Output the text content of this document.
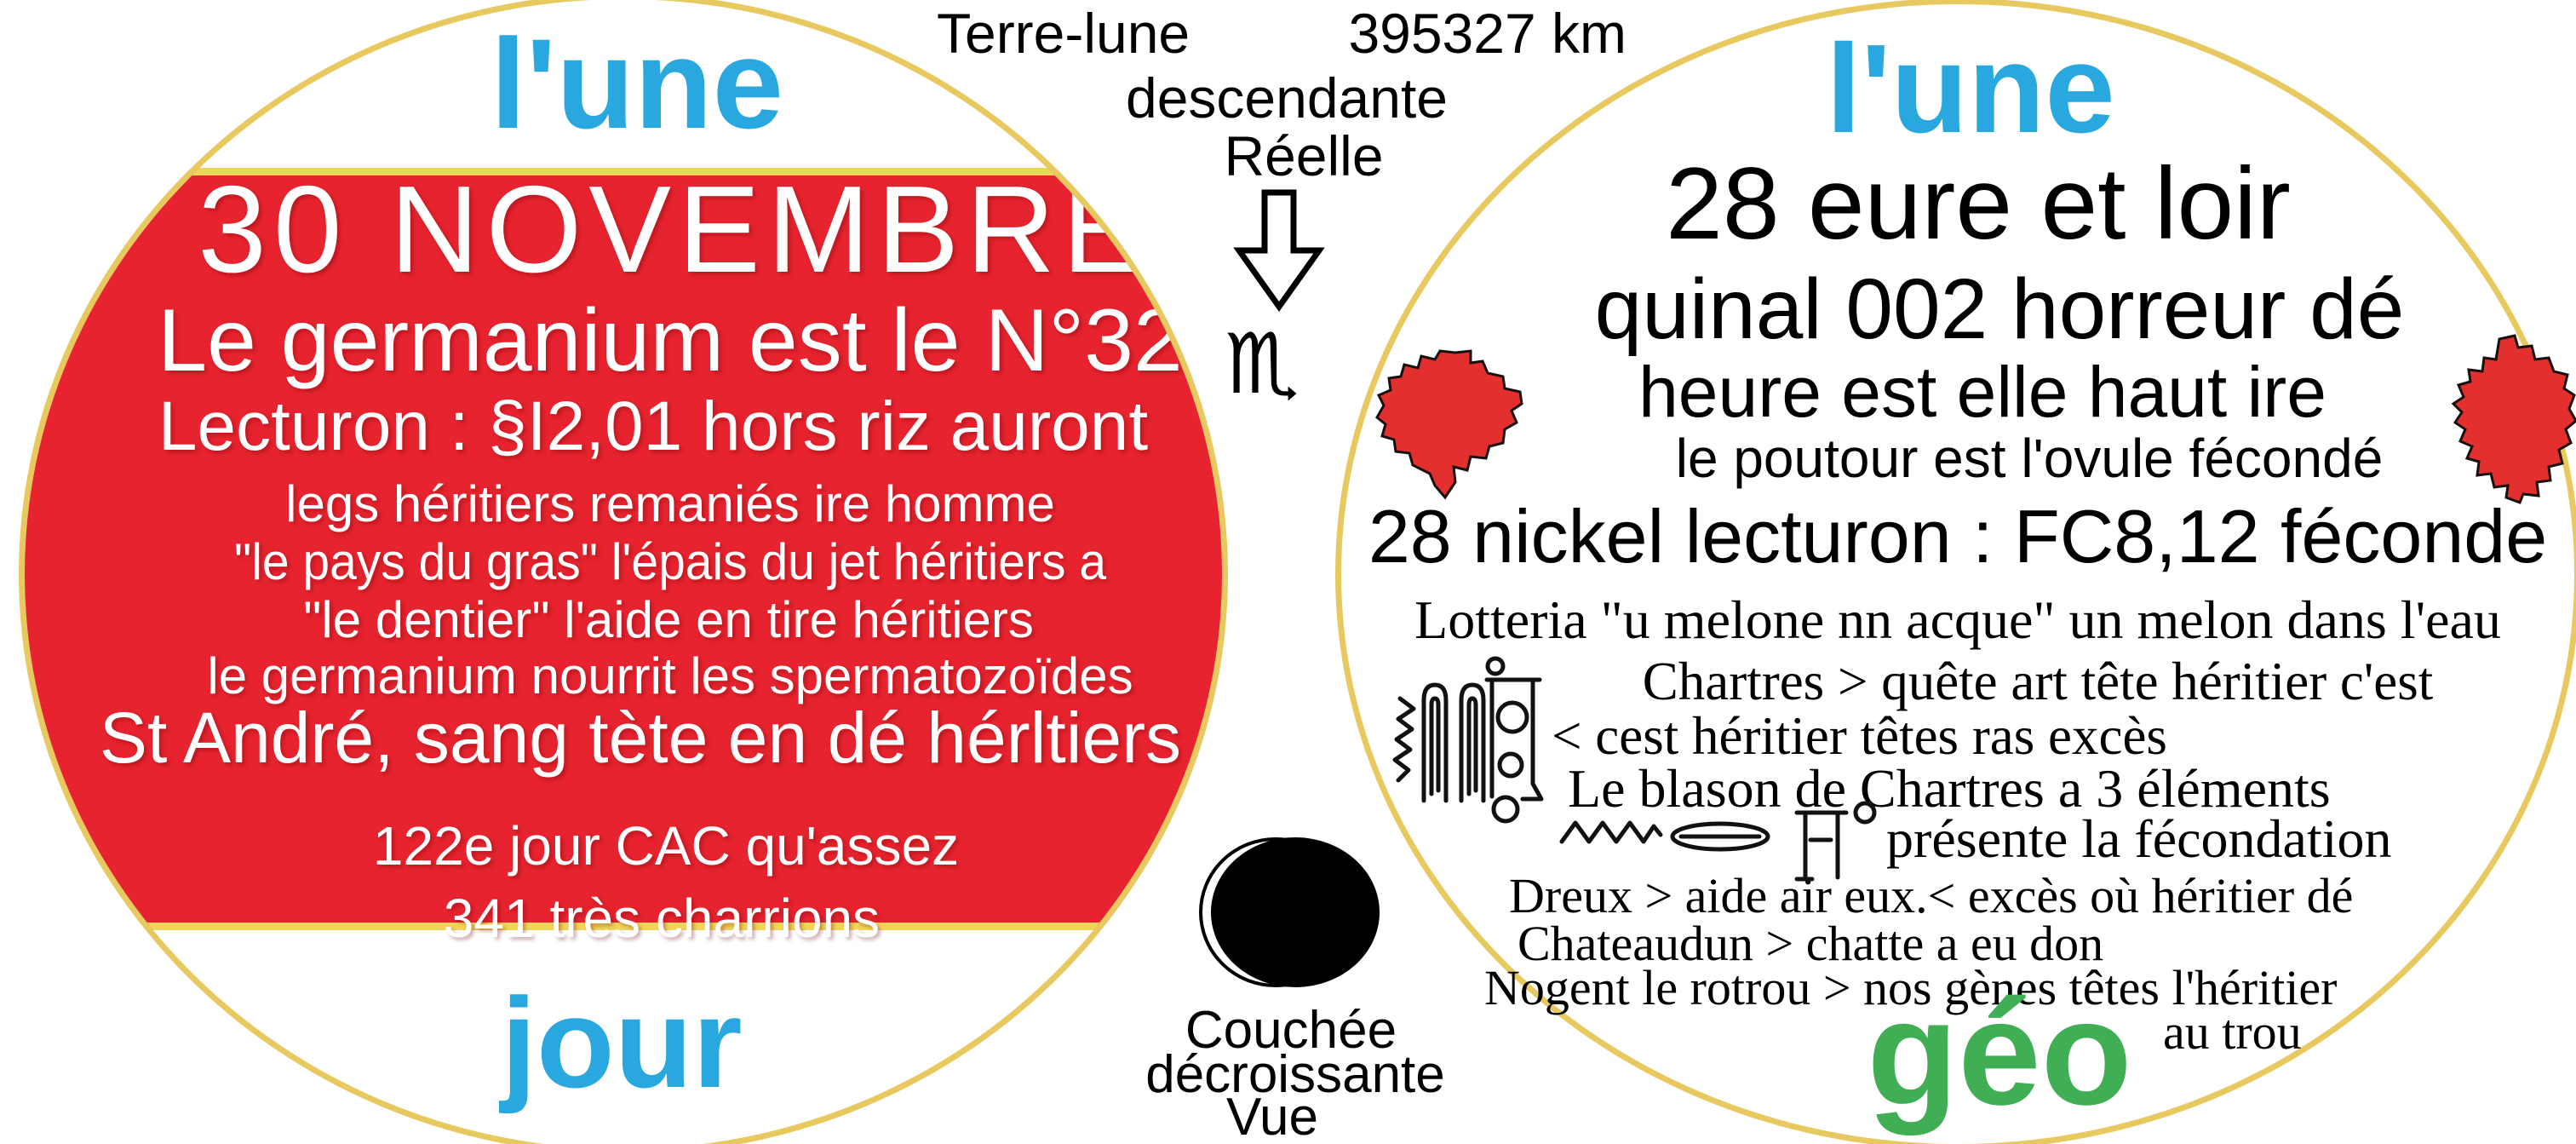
30 NOVEMBRE
Le germanium est le N°32
Lecturon : §I2,01 hors riz auront
legs héritiers remaniés ire homme
"le pays du gras" l'épais du jet héritiers a
"le dentier" l'aide en tire héritiers
le germanium nourrit les spermatozoïdes
St André, sang tète en dé hérltiers
122e jour CAC qu'assez
341 très charrions
l'une
jour
Terre-lune	395327 km
descendante
Réelle
♏
Couchée
décroissante
Vue
l'une
28 eure et loir
quinal 002 horreur dé
heure est elle haut ire
le poutour est l'ovule fécondé
28 nickel lecturon : FC8,12 féconde
Lotteria "u melone nn acque" un melon dans l'eau
Chartres > quête art tête héritier c'est
< cest héritier têtes ras excès
Le blason de Chartres a 3 éléments
présente la fécondation
Dreux > aide air eux.< excès où héritier dé
Chateaudun > chatte a eu don
Nogent le rotrou > nos gènes têtes l'héritier
au trou
géo
